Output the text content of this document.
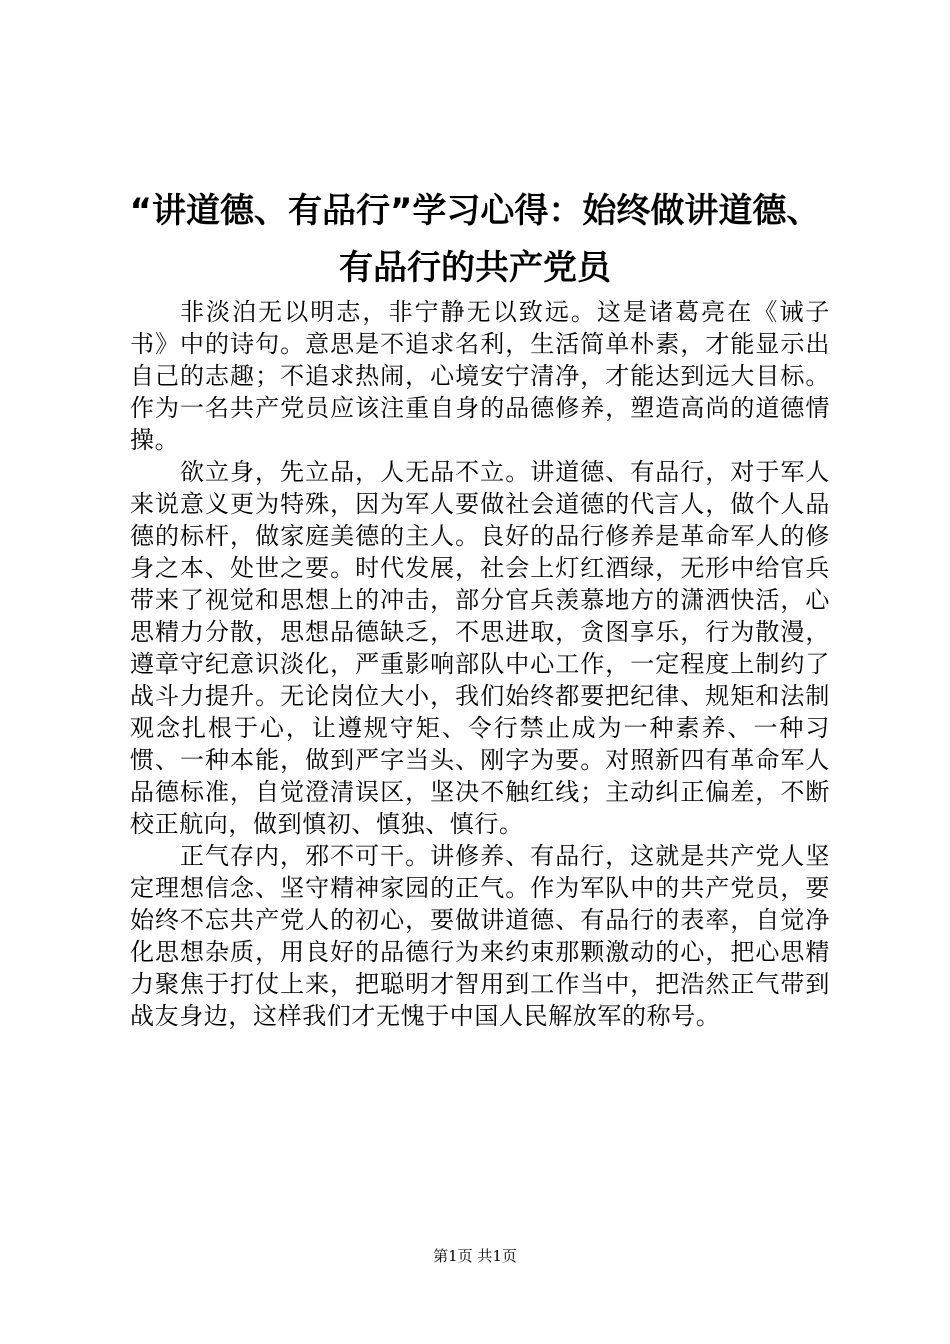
“讲道德、有品行”学习心得：始终做讲道德、
有品行的共产党员

非淡泊无以明志，非宁静无以致远。这是诸葛亮在《诫子书》中的诗句。意思是不追求名利，生活简单朴素，才能显示出自己的志趣；不追求热闹，心境安宁清净，才能达到远大目标。作为一名共产党员应该注重自身的品德修养，塑造高尚的道德情操。

欲立身，先立品，人无品不立。讲道德、有品行，对于军人来说意义更为特殊，因为军人要做社会道德的代言人，做个人品德的标杆，做家庭美德的主人。良好的品行修养是革命军人的修身之本、处世之要。时代发展，社会上灯红酒绿，无形中给官兵带来了视觉和思想上的冲击，部分官兵羡慕地方的潇洒快活，心思精力分散，思想品德缺乏，不思进取，贪图享乐，行为散漫，遵章守纪意识淡化，严重影响部队中心工作，一定程度上制约了战斗力提升。无论岗位大小，我们始终都要把纪律、规矩和法制观念扎根于心，让遵规守矩、令行禁止成为一种素养、一种习惯、一种本能，做到严字当头、刚字为要。对照新四有革命军人品德标准，自觉澄清误区，坚决不触红线；主动纠正偏差，不断校正航向，做到慎初、慎独、慎行。

正气存内，邪不可干。讲修养、有品行，这就是共产党人坚定理想信念、坚守精神家园的正气。作为军队中的共产党员，要始终不忘共产党人的初心，要做讲道德、有品行的表率，自觉净化思想杂质，用良好的品德行为来约束那颗激动的心，把心思精力聚焦于打仗上来，把聪明才智用到工作当中，把浩然正气带到战友身边，这样我们才无愧于中国人民解放军的称号。

第1页 共1页
